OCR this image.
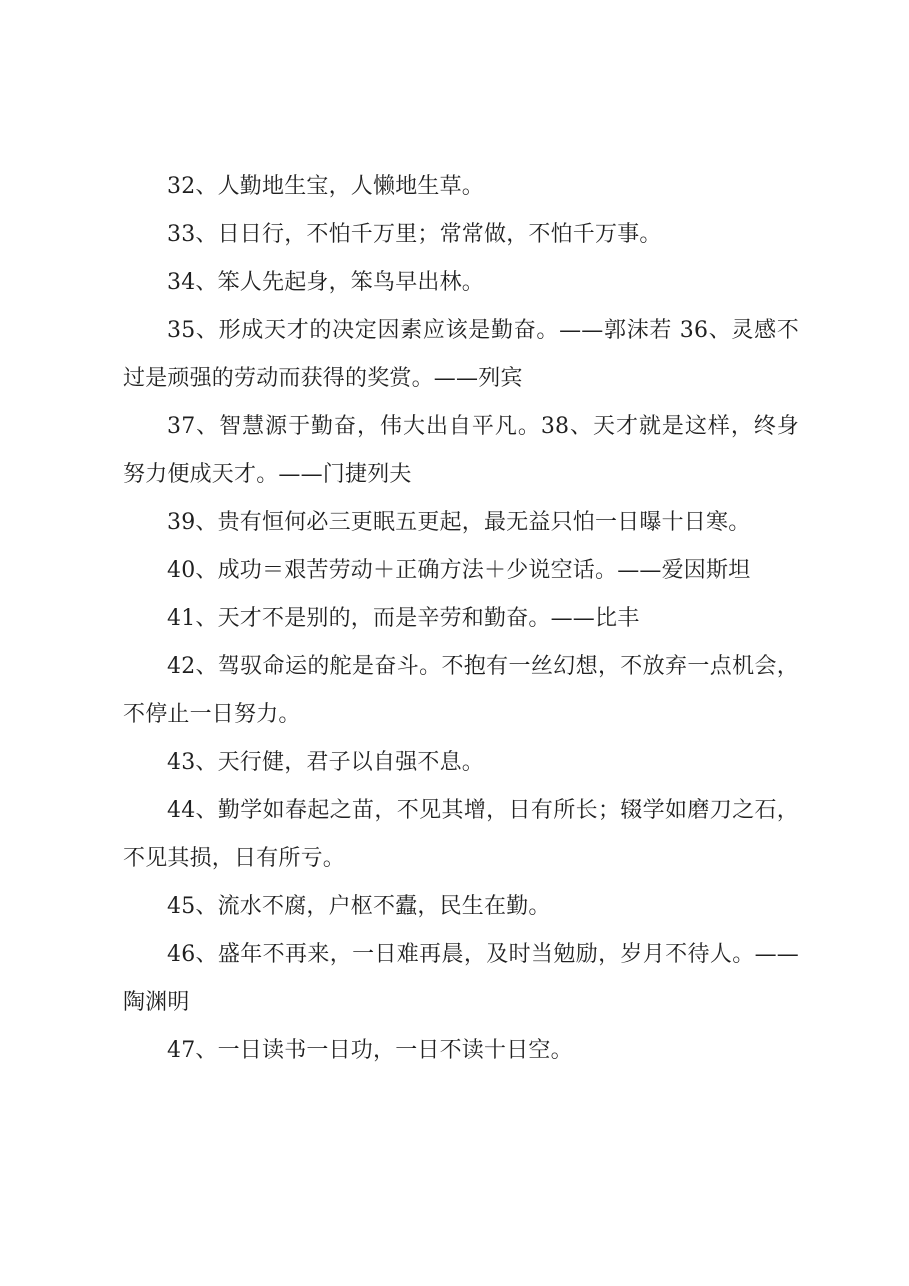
32、人勤地生宝，人懒地生草。

33、日日行，不怕千万里；常常做，不怕千万事。

34、笨人先起身，笨鸟早出林。

35、形成天才的决定因素应该是勤奋。——郭沫若 36、灵感不过是顽强的劳动而获得的奖赏。——列宾

37、智慧源于勤奋，伟大出自平凡。38、天才就是这样，终身努力便成天才。——门捷列夫

39、贵有恒何必三更眠五更起，最无益只怕一日曝十日寒。

40、成功＝艰苦劳动＋正确方法＋少说空话。——爱因斯坦

41、天才不是别的，而是辛劳和勤奋。——比丰

42、驾驭命运的舵是奋斗。不抱有一丝幻想，不放弃一点机会，不停止一日努力。

43、天行健，君子以自强不息。

44、勤学如春起之苗，不见其增，日有所长；辍学如磨刀之石，不见其损，日有所亏。

45、流水不腐，户枢不蠹，民生在勤。

46、盛年不再来，一日难再晨，及时当勉励，岁月不待人。——陶渊明

47、一日读书一日功，一日不读十日空。
